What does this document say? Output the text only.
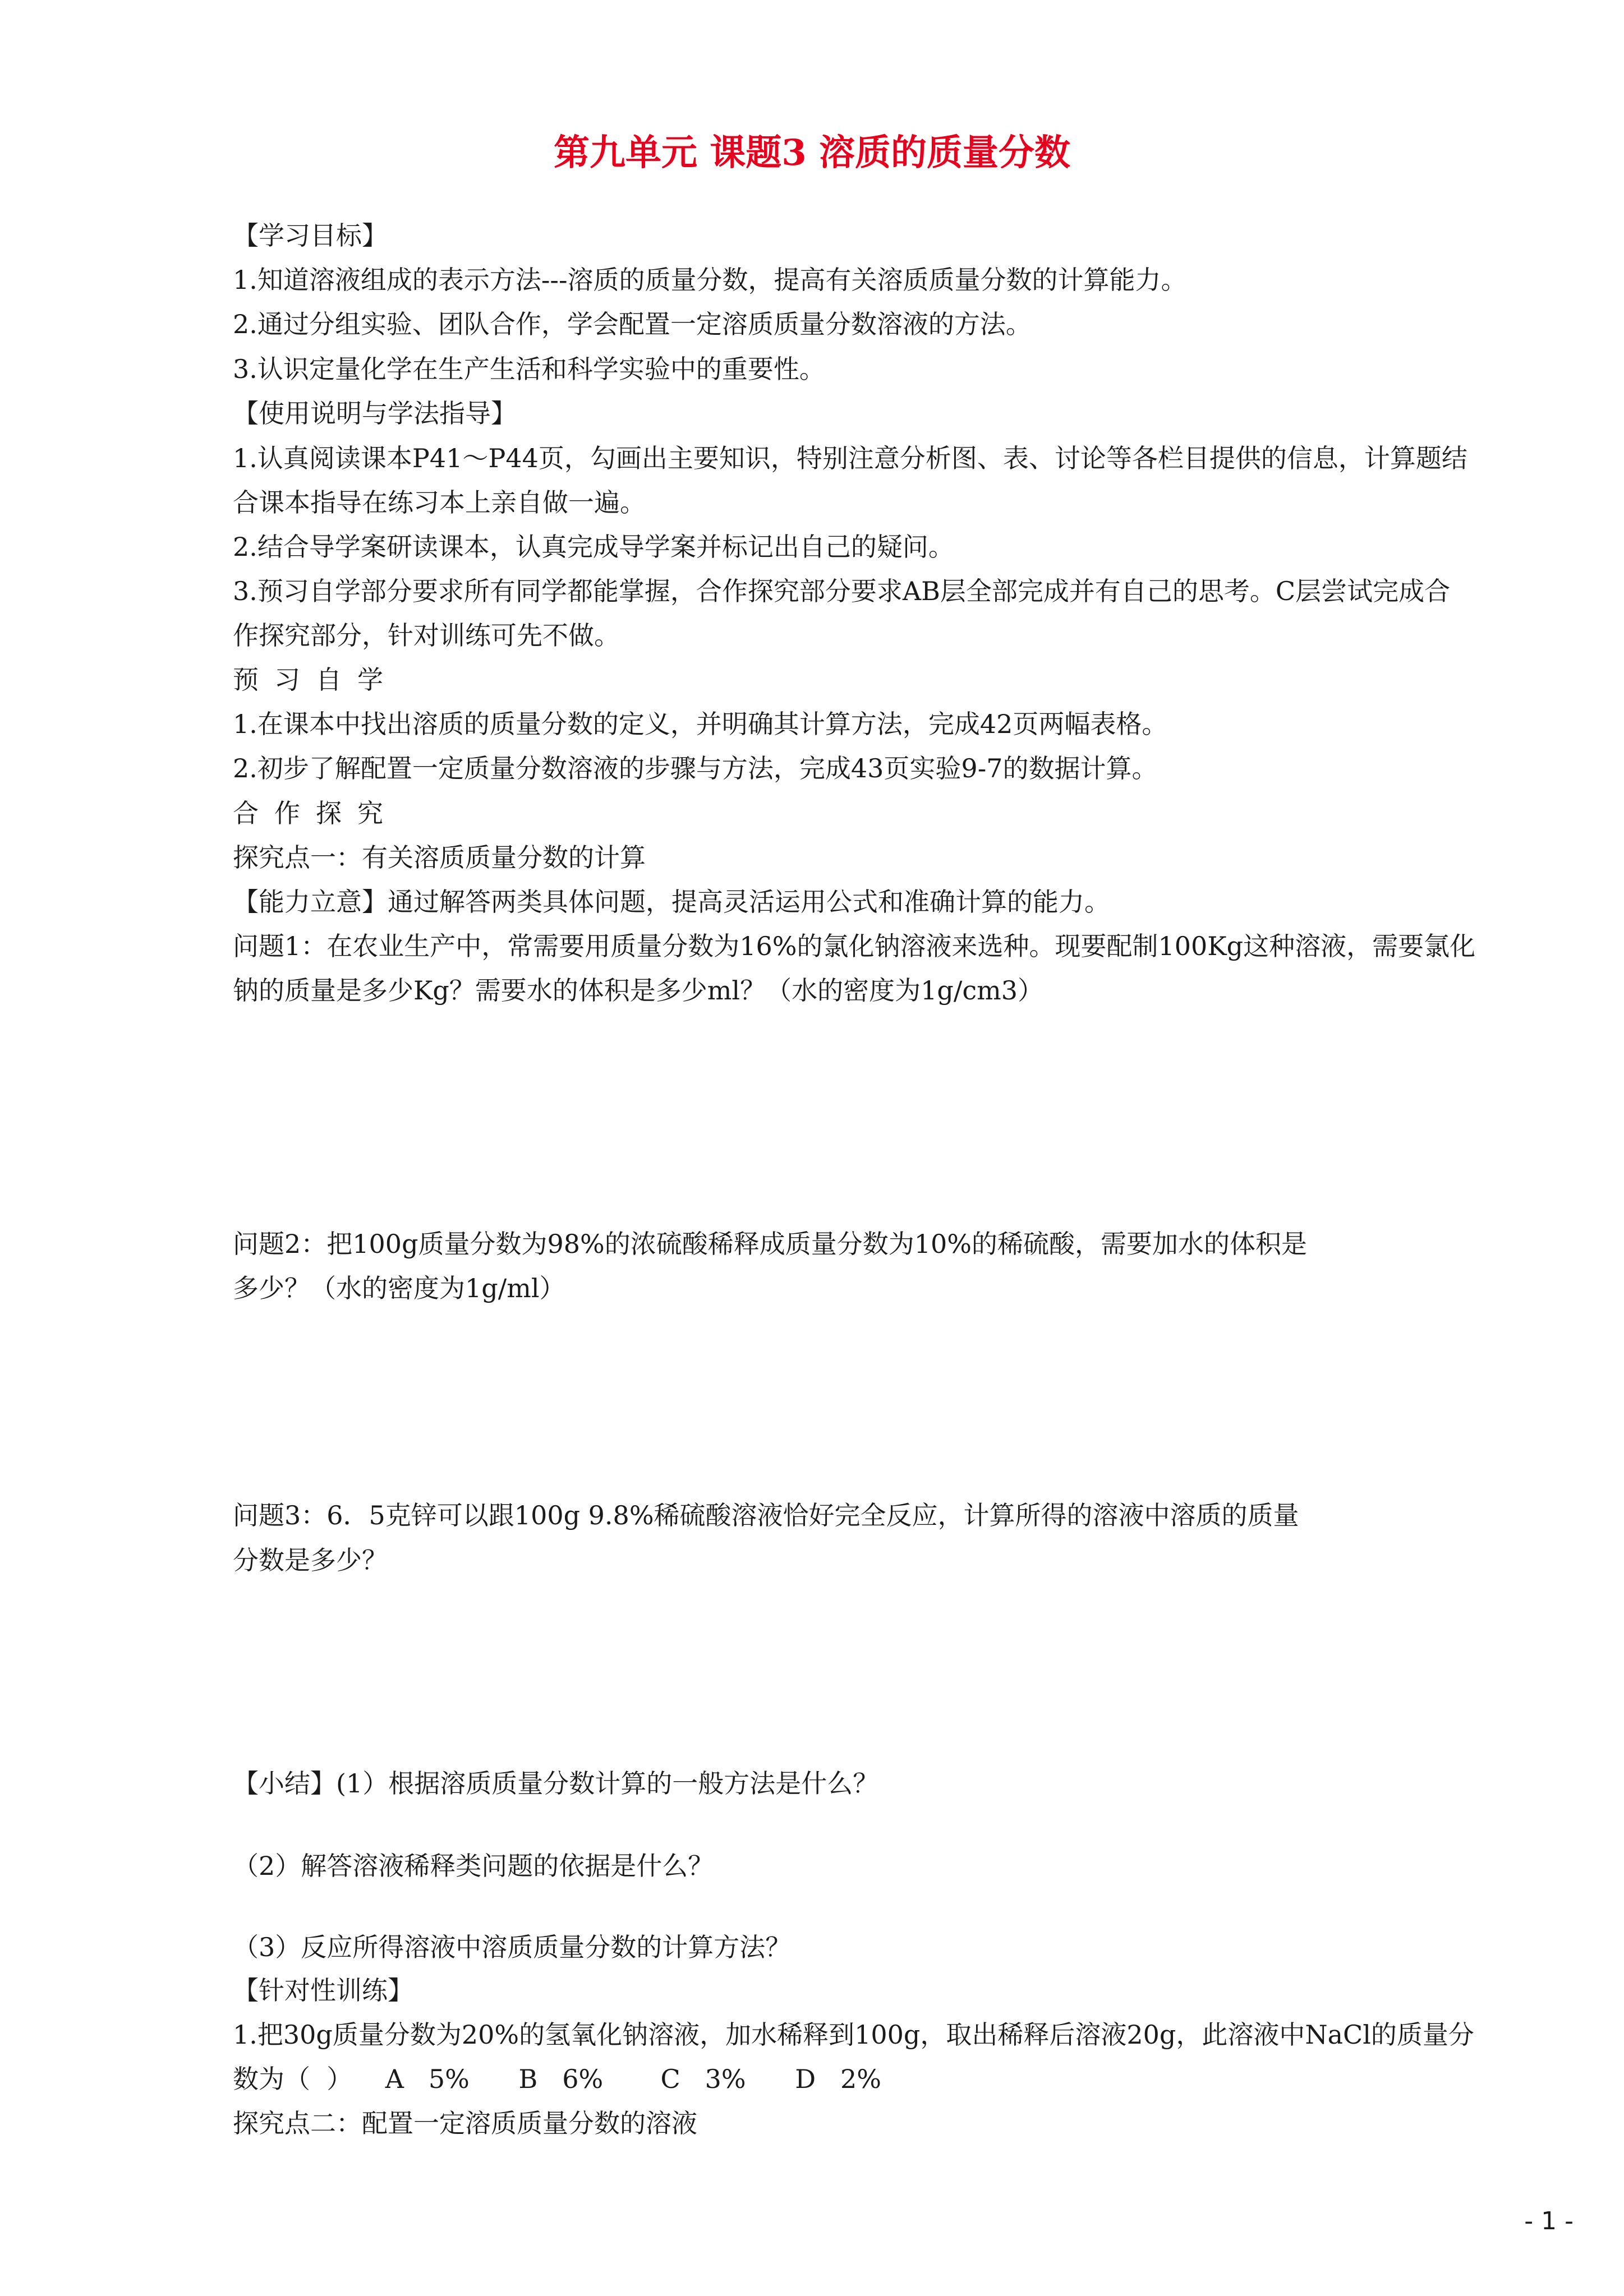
第九单元 课题3 溶质的质量分数
【学习目标】
1.知道溶液组成的表示方法---溶质的质量分数，提高有关溶质质量分数的计算能力。
2.通过分组实验、团队合作，学会配置一定溶质质量分数溶液的方法。
3.认识定量化学在生产生活和科学实验中的重要性。
【使用说明与学法指导】
1.认真阅读课本P41～P44页，勾画出主要知识，特别注意分析图、表、讨论等各栏目提供的信息，计算题结
合课本指导在练习本上亲自做一遍。
2.结合导学案研读课本，认真完成导学案并标记出自己的疑问。
3.预习自学部分要求所有同学都能掌握，合作探究部分要求AB层全部完成并有自己的思考。C层尝试完成合
作探究部分，针对训练可先不做。
预习自学
1.在课本中找出溶质的质量分数的定义，并明确其计算方法，完成42页两幅表格。
2.初步了解配置一定质量分数溶液的步骤与方法，完成43页实验9-7的数据计算。
合作探究
探究点一：有关溶质质量分数的计算
【能力立意】通过解答两类具体问题，提高灵活运用公式和准确计算的能力。
问题1：在农业生产中，常需要用质量分数为16%的氯化钠溶液来选种。现要配制100Kg这种溶液，需要氯化
钠的质量是多少Kg？需要水的体积是多少ml？（水的密度为1g/cm3）
问题2：把100g质量分数为98%的浓硫酸稀释成质量分数为10%的稀硫酸，需要加水的体积是
多少？（水的密度为1g/ml）
问题3：6．5克锌可以跟100g 9.8%稀硫酸溶液恰好完全反应，计算所得的溶液中溶质的质量
分数是多少？
【小结】(1）根据溶质质量分数计算的一般方法是什么？
（2）解答溶液稀释类问题的依据是什么？
（3）反应所得溶液中溶质质量分数的计算方法？
【针对性训练】
1.把30g质量分数为20%的氢氧化钠溶液，加水稀释到100g，取出稀释后溶液20g，此溶液中NaCl的质量分
数为（  ）    A   5%      B   6%       C   3%      D   2%
探究点二：配置一定溶质质量分数的溶液
- 1 -
